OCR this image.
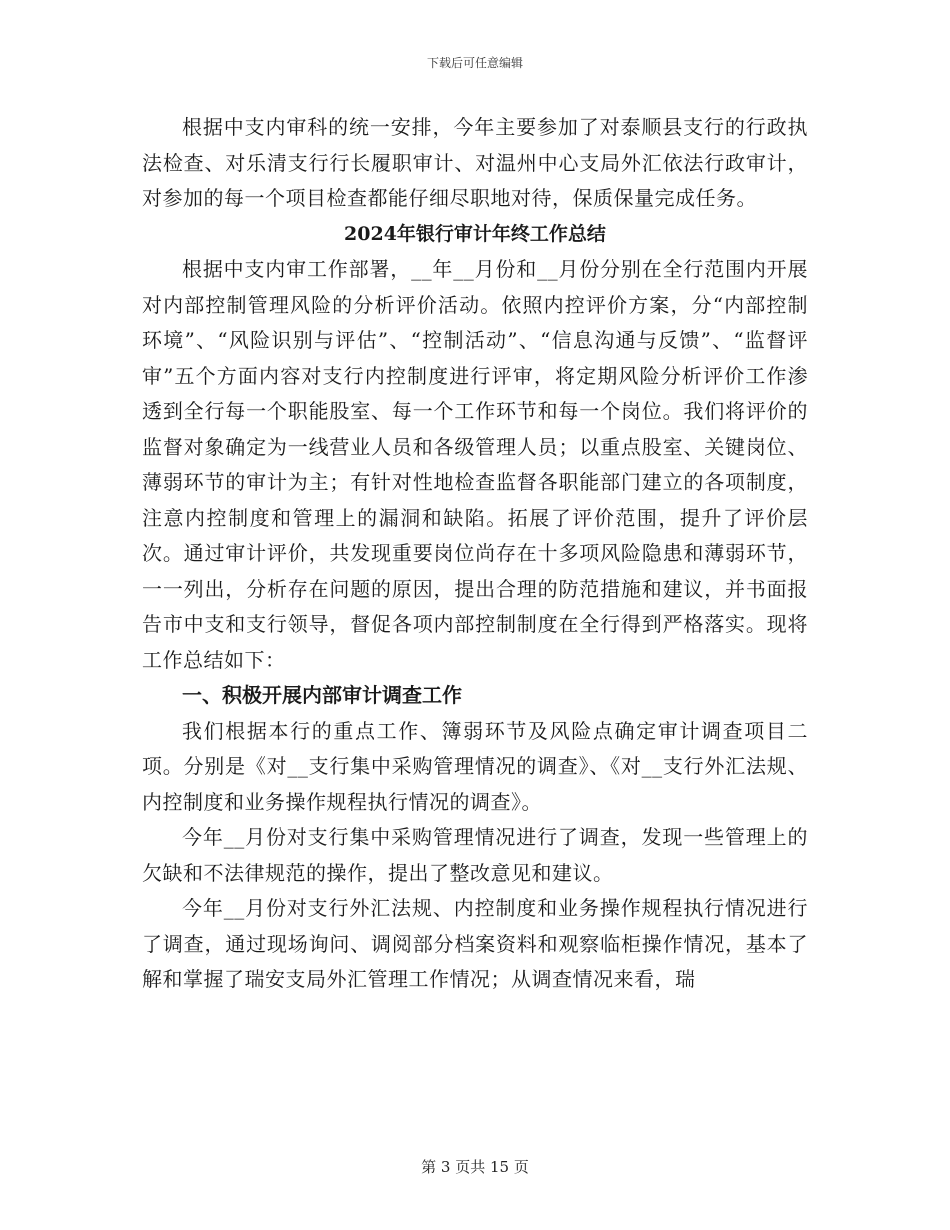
下载后可任意编辑

根据中支内审科的统一安排，今年主要参加了对泰顺县支行的行政执法检查、对乐清支行行长履职审计、对温州中心支局外汇依法行政审计，对参加的每一个项目检查都能仔细尽职地对待，保质保量完成任务。

2024年银行审计年终工作总结

根据中支内审工作部署，__年__月份和__月份分别在全行范围内开展对内部控制管理风险的分析评价活动。依照内控评价方案，分“内部控制环境”、“风险识别与评估”、“控制活动”、“信息沟通与反馈”、“监督评审”五个方面内容对支行内控制度进行评审，将定期风险分析评价工作渗透到全行每一个职能股室、每一个工作环节和每一个岗位。我们将评价的监督对象确定为一线营业人员和各级管理人员；以重点股室、关键岗位、薄弱环节的审计为主；有针对性地检查监督各职能部门建立的各项制度，注意内控制度和管理上的漏洞和缺陷。拓展了评价范围，提升了评价层次。通过审计评价，共发现重要岗位尚存在十多项风险隐患和薄弱环节，一一列出，分析存在问题的原因，提出合理的防范措施和建议，并书面报告市中支和支行领导，督促各项内部控制制度在全行得到严格落实。现将工作总结如下：

一、积极开展内部审计调查工作

我们根据本行的重点工作、簿弱环节及风险点确定审计调查项目二项。分别是《对__支行集中采购管理情况的调查》、《对__支行外汇法规、内控制度和业务操作规程执行情况的调查》。

今年__月份对支行集中采购管理情况进行了调查，发现一些管理上的欠缺和不法律规范的操作，提出了整改意见和建议。

今年__月份对支行外汇法规、内控制度和业务操作规程执行情况进行了调查，通过现场询问、调阅部分档案资料和观察临柜操作情况，基本了解和掌握了瑞安支局外汇管理工作情况；从调查情况来看，瑞

第 3 页共 15 页
